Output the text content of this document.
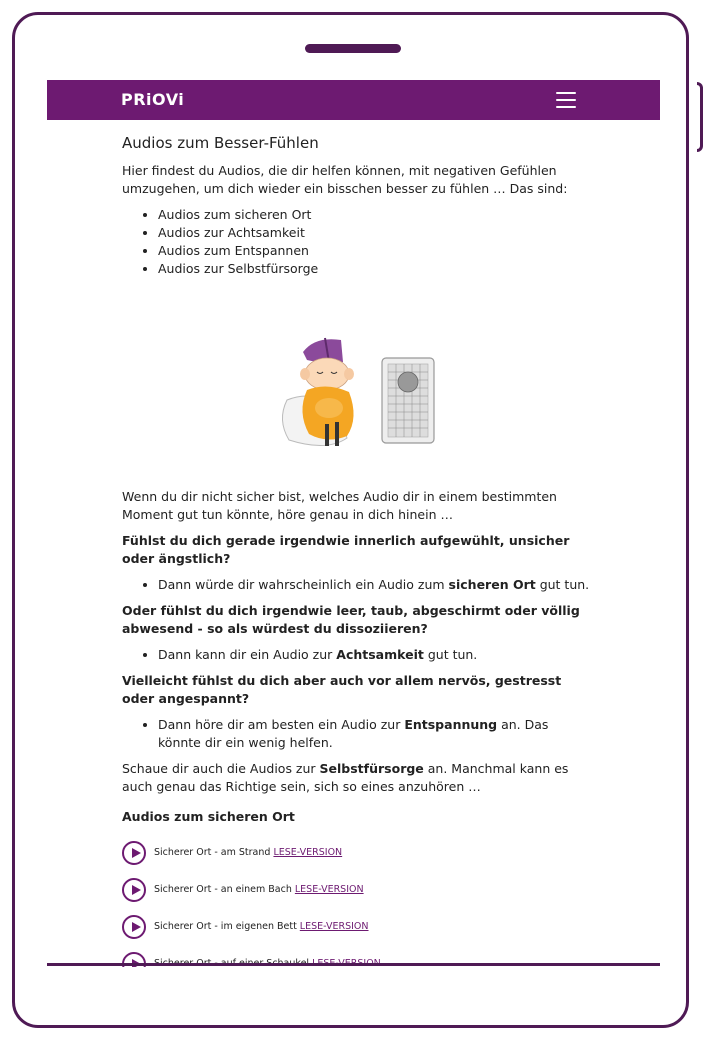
PRiOVi
Audios zum Besser-Fühlen

Hier findest du Audios, die dir helfen können, mit negativen Gefühlen umzugehen, um dich wieder ein bisschen besser zu fühlen … Das sind:

• Audios zum sicheren Ort
• Audios zur Achtsamkeit
• Audios zum Entspannen
• Audios zur Selbstfürsorge

Wenn du dir nicht sicher bist, welches Audio dir in einem bestimmten Moment gut tun könnte, höre genau in dich hinein …

Fühlst du dich gerade irgendwie innerlich aufgewühlt, unsicher oder ängstlich?

• Dann würde dir wahrscheinlich ein Audio zum sicheren Ort gut tun.

Oder fühlst du dich irgendwie leer, taub, abgeschirmt oder völlig abwesend - so als würdest du dissoziieren?

• Dann kann dir ein Audio zur Achtsamkeit gut tun.

Vielleicht fühlst du dich aber auch vor allem nervös, gestresst oder angespannt?

• Dann höre dir am besten ein Audio zur Entspannung an. Das könnte dir ein wenig helfen.

Schaue dir auch die Audios zur Selbstfürsorge an. Manchmal kann es auch genau das Richtige sein, sich so eines anzuhören …

Audios zum sicheren Ort
Sicherer Ort - am Strand LESE-VERSION
Sicherer Ort - an einem Bach LESE-VERSION
Sicherer Ort - im eigenen Bett LESE-VERSION
